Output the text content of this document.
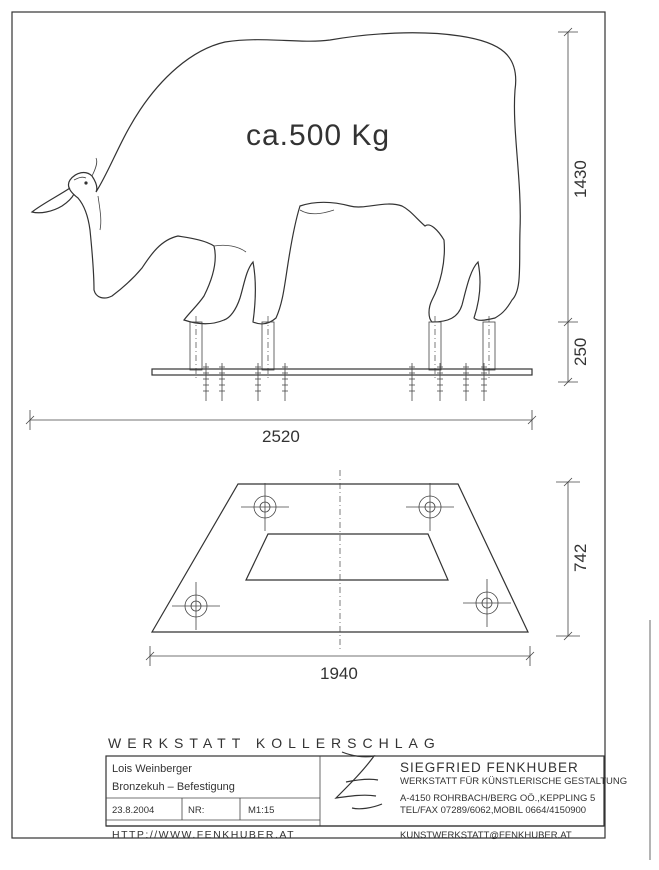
ca.500 Kg
2520
1430
250
742
1940
WERKSTATT KOLLERSCHLAG
Lois Weinberger
Bronzekuh – Befestigung
23.8.2004	NR:	M1:15
SIEGFRIED FENKHUBER
WERKSTATT FÜR KÜNSTLERISCHE GESTALTUNG
A-4150 ROHRBACH/BERG OÖ.,KEPPLING 5
TEL/FAX 07289/6062,MOBIL 0664/4150900
HTTP://WWW.FENKHUBER.AT	KUNSTWERKSTATT@FENKHUBER.AT
